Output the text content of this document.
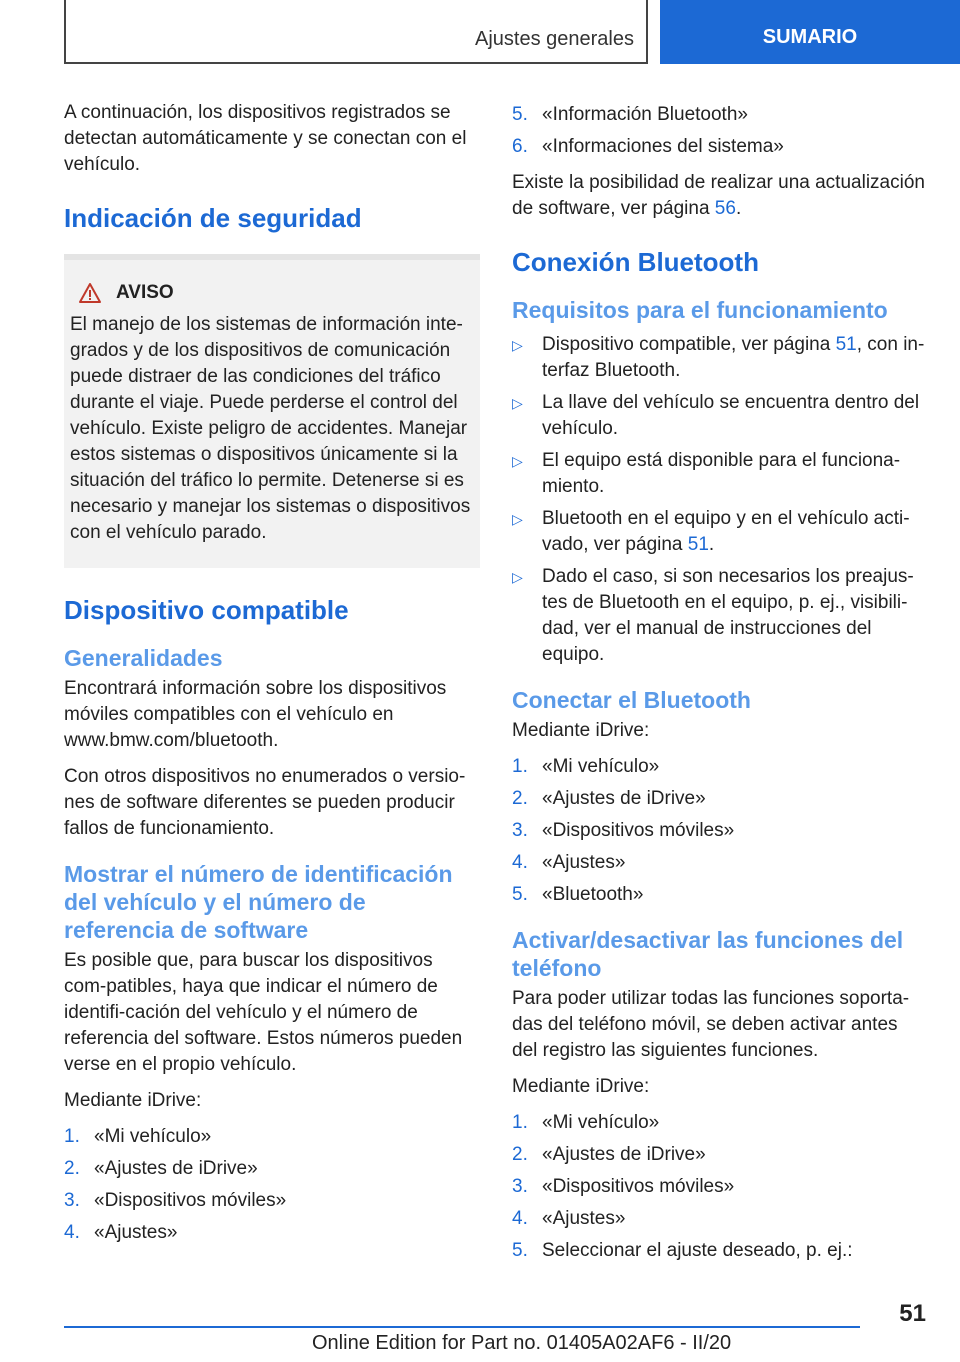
Ajustes generales	SUMARIO

A continuación, los dispositivos registrados se detectan automáticamente y se conectan con el vehículo.

Indicación de seguridad
AVISO

El manejo de los sistemas de información inte-grados y de los dispositivos de comunicación puede distraer de las condiciones del tráfico durante el viaje. Puede perderse el control del vehículo. Existe peligro de accidentes. Manejar estos sistemas o dispositivos únicamente si la situación del tráfico lo permite. Detenerse si es necesario y manejar los sistemas o dispositivos con el vehículo parado.

Dispositivo compatible
Generalidades

Encontrará información sobre los dispositivos móviles compatibles con el vehículo en www.bmw.com/bluetooth.

Con otros dispositivos no enumerados o versio-nes de software diferentes se pueden producir fallos de funcionamiento.

Mostrar el número de identificación del vehículo y el número de referencia de software

Es posible que, para buscar los dispositivos com-patibles, haya que indicar el número de identifi-cación del vehículo y el número de referencia del software. Estos números pueden verse en el propio vehículo.

Mediante iDrive:

1. «Mi vehículo»
2. «Ajustes de iDrive»
3. «Dispositivos móviles»
4. «Ajustes»
5. «Información Bluetooth»
6. «Informaciones del sistema»

Existe la posibilidad de realizar una actualización de software, ver página 56.

Conexión Bluetooth
Requisitos para el funcionamiento
▷	Dispositivo compatible, ver página 51, con in-terfaz Bluetooth.
▷	La llave del vehículo se encuentra dentro del vehículo.
▷	El equipo está disponible para el funciona-miento.
▷	Bluetooth en el equipo y en el vehículo acti-vado, ver página 51.
▷	Dado el caso, si son necesarios los preajus-tes de Bluetooth en el equipo, p. ej., visibili-dad, ver el manual de instrucciones del equipo.
Conectar el Bluetooth

Mediante iDrive:

1. «Mi vehículo»
2. «Ajustes de iDrive»
3. «Dispositivos móviles»
4. «Ajustes»
5. «Bluetooth»
Activar/desactivar las funciones del teléfono

Para poder utilizar todas las funciones soporta-das del teléfono móvil, se deben activar antes del registro las siguientes funciones.

Mediante iDrive:

1. «Mi vehículo»
2. «Ajustes de iDrive»
3. «Dispositivos móviles»
4. «Ajustes»
5. Seleccionar el ajuste deseado, p. ej.:
51
Online Edition for Part no. 01405A02AF6 - II/20
